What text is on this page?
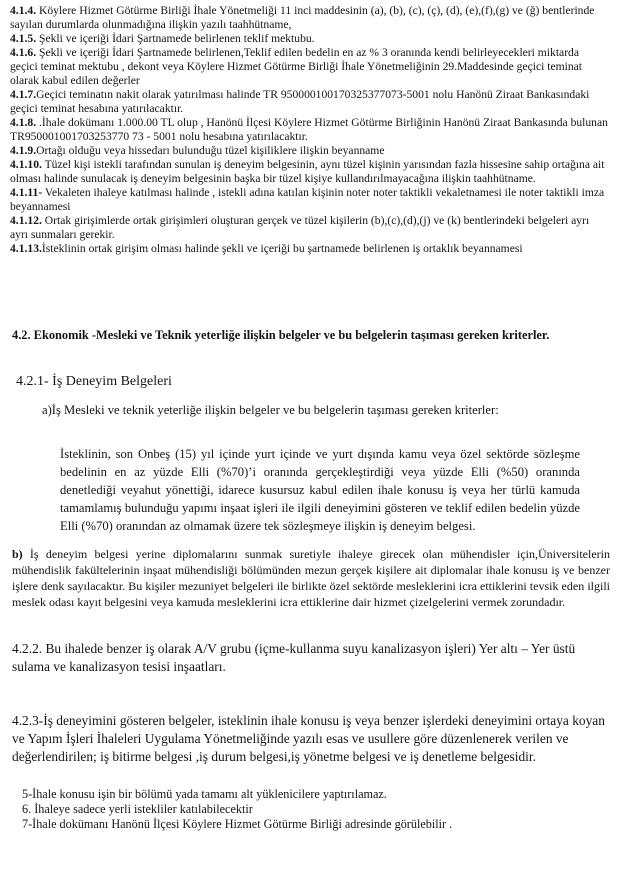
4.1.4. Köylere Hizmet Götürme Birliği İhale Yönetmeliği 11 inci maddesinin (a), (b), (c), (ç), (d), (e),(f),(g) ve (ğ) bentlerinde sayılan durumlarda olunmadığına ilişkin yazılı taahhütname,

4.1.5. Şekli ve içeriği İdari Şartnamede belirlenen teklif mektubu.

4.1.6. Şekli ve içeriği İdari Şartnamede belirlenen,Teklif edilen bedelin en az % 3 oranında kendi belirleyecekleri miktarda geçici teminat mektubu , dekont veya Köylere Hizmet Götürme Birliği İhale Yönetmeliğinin 29.Maddesinde geçici teminat olarak kabul edilen değerler

4.1.7.Geçici teminatın nakit olarak yatırılması halinde TR 950000100170325377073-5001 nolu Hanönü Ziraat Bankasındaki geçici teminat hesabına yatırılacaktır.

4.1.8. .İhale dokümanı 1.000.00 TL olup , Hanönü İlçesi Köylere Hizmet Götürme Birliğinin Hanönü Ziraat Bankasında bulunan TR950001001703253770 73 - 5001 nolu hesabına yatırılacaktır.

4.1.9.Ortağı olduğu veya hissedarı bulunduğu tüzel kişiliklere ilişkin beyanname

4.1.10. Tüzel kişi istekli tarafından sunulan iş deneyim belgesinin, aynı tüzel kişinin yarısından fazla hissesine sahip ortağına ait olması halinde sunulacak iş deneyim belgesinin başka bir tüzel kişiye kullandırılmayacağına ilişkin taahhütname.

4.1.11- Vekaleten ihaleye katılması halinde , istekli adına katılan kişinin noter noter taktikli vekaletnamesi ile noter taktikli imza beyannamesi

4.1.12. Ortak girişimlerde ortak girişimleri oluşturan gerçek ve tüzel kişilerin (b),(c),(d),(j) ve (k) bentlerindeki belgeleri ayrı ayrı sunmaları gerekir.

4.1.13.İsteklinin ortak girişim olması halinde şekli ve içeriği bu şartnamede belirlenen iş ortaklık beyannamesi

4.2. Ekonomik -Mesleki ve Teknik yeterliğe ilişkin belgeler ve bu belgelerin taşıması gereken kriterler.
4.2.1- İş Deneyim Belgeleri
a)İş Mesleki ve teknik yeterliğe ilişkin belgeler ve bu belgelerin taşıması gereken kriterler:
İsteklinin, son Onbeş (15) yıl içinde yurt içinde ve yurt dışında kamu veya özel sektörde sözleşme bedelinin en az yüzde Elli (%70)’i oranında gerçekleştirdiği veya yüzde Elli (%50) oranında denetlediği veyahut yönettiği, idarece kusursuz kabul edilen ihale konusu iş veya her türlü kamuda tamamlamış bulunduğu yapımı inşaat işleri ile ilgili deneyimini gösteren ve teklif edilen bedelin yüzde Elli (%70) oranından az olmamak üzere tek sözleşmeye ilişkin iş deneyim belgesi.
b) İş deneyim belgesi yerine diplomalarını sunmak suretiyle ihaleye girecek olan mühendisler için,Üniversitelerin mühendislik fakültelerinin inşaat mühendisliği bölümünden mezun gerçek kişilere ait diplomalar ihale konusu iş ve benzer işlere denk sayılacaktır. Bu kişiler mezuniyet belgeleri ile birlikte özel sektörde mesleklerini icra ettiklerini tevsik eden ilgili meslek odası kayıt belgesini veya kamuda mesleklerini icra ettiklerine dair hizmet çizelgelerini vermek zorundadır.
4.2.2. Bu ihalede benzer iş olarak A/V grubu (içme-kullanma suyu kanalizasyon işleri) Yer altı – Yer üstü sulama ve kanalizasyon tesisi inşaatları.
4.2.3-İş deneyimini gösteren belgeler, isteklinin ihale konusu iş veya benzer işlerdeki deneyimini ortaya koyan ve Yapım İşleri İhaleleri Uygulama Yönetmeliğinde yazılı esas ve usullere göre düzenlenerek verilen ve değerlendirilen; iş bitirme belgesi ,iş durum belgesi,iş yönetme belgesi ve iş denetleme belgesidir.

5-İhale konusu işin bir bölümü yada tamamı alt yüklenicilere yaptırılamaz.

6. İhaleye sadece yerli istekliler katılabilecektir

7-İhale dokümanı Hanönü İlçesi Köylere Hizmet Götürme Birliği adresinde görülebilir .
